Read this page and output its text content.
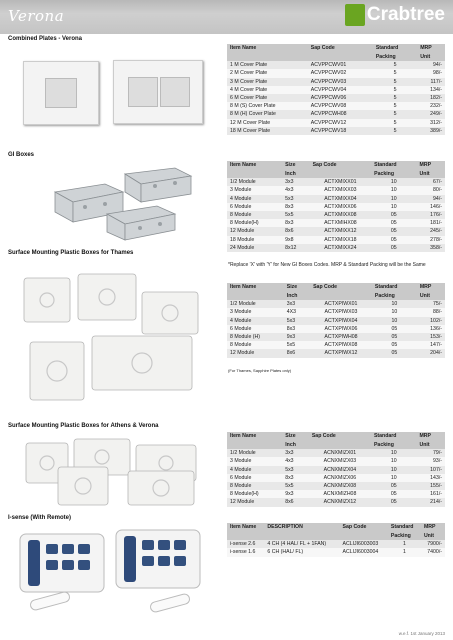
Verona	Crabtree
Combined Plates - Verona
GI Boxes
Surface Mounting Plastic Boxes for Thames
Surface Mounting Plastic Boxes for Athens & Verona
I-sense (With Remote)
Item Name	Sap Code	Standard	MRP
		Packing	Unit
1 M Cover Plate	ACVPPCWV01	5	94/-
2 M Cover Plate	ACVPPCWV02	5	98/-
3 M Cover Plate	ACVPPCWV03	5	117/-
4 M Cover Plate	ACVPPCWV04	5	134/-
6 M Cover Plate	ACVPPCWV06	5	182/-
8 M (S) Cover Plate	ACVPPCWV08	5	232/-
8 M (H) Cover Plate	ACVPPCWH08	5	249/-
12 M Cover Plate	ACVPPCWV12	5	312/-
18 M Cover Plate	ACVPPCWV18	5	389/-
Item Name	Size	Sap Code	Standard	MRP
	Inch		Packing	Unit
1/2 Module	3x3	ACTXMIXX01	10	67/-
3 Module	4x3	ACTXMIXX03	10	80/-
4 Module	5x3	ACTXMIXX04	10	94/-
6 Module	8x3	ACTXMIXX06	10	146/-
8 Module	5x5	ACTXMIXX08	05	176/-
8 Module(H)	8x3	ACTXMIHX08	05	181/-
12 Module	8x6	ACTXMIXX12	05	245/-
18 Module	9x8	ACTXMIXX18	05	278/-
24 Module	8x12	ACTXMIXX24	05	358/-
*Replace 'X' with 'Y' for New GI Boxes Codes. MRP & Standard Packing will be the Same
Item Name	Size	Sap Code	Standard	MRP
	Inch		Packing	Unit
1/2 Module	3x3	ACTXPIWX01	10	75/-
3 Module	4X3	ACTXPIWX03	10	88/-
4 Module	5x3	ACTXPIWX04	10	102/-
6 Module	8x3	ACTXPIWX06	05	136/-
8 Module (H)	9x3	ACTXPIWH08	05	153/-
8 Module	5x5	ACTXPIWX08	05	147/-
12 Module	8x6	ACTXPIWX12	05	204/-
(For Thames, Sapphire Plates only)
Item Name	Size	Sap Code	Standard	MRP
	Inch		Packing	Unit
1/2 Module	3x3	ACNXMIZX01	10	79/-
3 Module	4x3	ACNXMIZX03	10	93/-
4 Module	5x3	ACNXMIZX04	10	107/-
6 Module	8x3	ACNXMIZX06	10	143/-
8 Module	5x5	ACNXMIZX08	05	155/-
8 Module(H)	9x3	ACNXMIZH08	05	161/-
12 Module	8x6	ACNXMIZX12	05	214/-
Item Name	DESCRIPTION	Sap Code	Standard	MRP
			Packing	Unit
i-sense 2.6	4 CH (4 HAL/ FL + 1FAN)	ACLIJI6003003	1	7900/-
i-sense 1.6	6 CH (HAL/ FL)	ACLIJI6003004	1	7400/-
w.e.f. 1st January 2013
